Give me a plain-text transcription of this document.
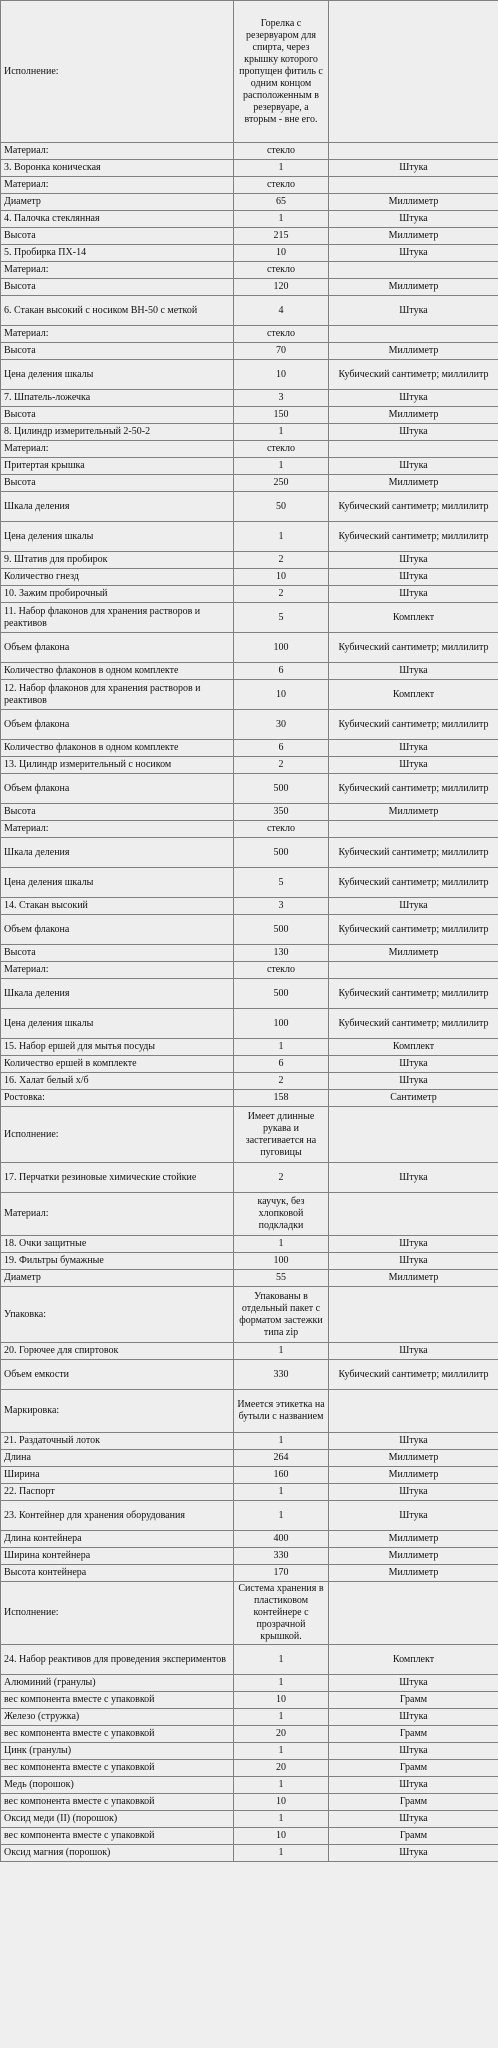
Исполнение:	Горелка с резервуаром для спирта, через крышку которого пропущен фитиль с одним концом расположенным в резервуаре, а вторым - вне его.	
Материал:	стекло	
3. Воронка коническая	1	Штука
Материал:	стекло	
Диаметр	65	Миллиметр
4. Палочка стеклянная	1	Штука
Высота	215	Миллиметр
5. Пробирка ПХ-14	10	Штука
Материал:	стекло	
Высота	120	Миллиметр
6. Стакан высокий с носиком ВН-50 с меткой	4	Штука
Материал:	стекло	
Высота	70	Миллиметр
Цена деления шкалы	10	Кубический сантиметр; миллилитр
7. Шпатель-ложечка	3	Штука
Высота	150	Миллиметр
8. Цилиндр измерительный 2-50-2	1	Штука
Материал:	стекло	
Притертая крышка	1	Штука
Высота	250	Миллиметр
Шкала деления	50	Кубический сантиметр; миллилитр
Цена деления шкалы	1	Кубический сантиметр; миллилитр
9. Штатив для пробирок	2	Штука
Количество гнезд	10	Штука
10. Зажим пробирочный	2	Штука
11. Набор флаконов для хранения растворов и реактивов	5	Комплект
Объем флакона	100	Кубический сантиметр; миллилитр
Количество флаконов в одном комплекте	6	Штука
12. Набор флаконов для хранения растворов и реактивов	10	Комплект
Объем флакона	30	Кубический сантиметр; миллилитр
Количество флаконов в одном комплекте	6	Штука
13. Цилиндр измерительный с носиком	2	Штука
Объем флакона	500	Кубический сантиметр; миллилитр
Высота	350	Миллиметр
Материал:	стекло	
Шкала деления	500	Кубический сантиметр; миллилитр
Цена деления шкалы	5	Кубический сантиметр; миллилитр
14. Стакан высокий	3	Штука
Объем флакона	500	Кубический сантиметр; миллилитр
Высота	130	Миллиметр
Материал:	стекло	
Шкала деления	500	Кубический сантиметр; миллилитр
Цена деления шкалы	100	Кубический сантиметр; миллилитр
15. Набор ершей для мытья посуды	1	Комплект
Количество ершей в комплекте	6	Штука
16. Халат белый х/б	2	Штука
Ростовка:	158	Сантиметр
Исполнение:	Имеет длинные рукава и застегивается на пуговицы	
17. Перчатки резиновые химические стойкие	2	Штука
Материал:	каучук, без хлопковой подкладки	
18. Очки защитные	1	Штука
19. Фильтры бумажные	100	Штука
Диаметр	55	Миллиметр
Упаковка:	Упакованы в отдельный пакет с форматом застежки типа zip	
20. Горючее для спиртовок	1	Штука
Объем емкости	330	Кубический сантиметр; миллилитр
Маркировка:	Имеется этикетка на бутыли с названием	
21. Раздаточный лоток	1	Штука
Длина	264	Миллиметр
Ширина	160	Миллиметр
22. Паспорт	1	Штука
23. Контейнер для хранения оборудования	1	Штука
Длина контейнера	400	Миллиметр
Ширина контейнера	330	Миллиметр
Высота контейнера	170	Миллиметр
Исполнение:	Система хранения в пластиковом контейнере с прозрачной крышкой.	
24. Набор реактивов для проведения экспериментов	1	Комплект
Алюминий (гранулы)	1	Штука
вес компонента вместе с упаковкой	10	Грамм
Железо (стружка)	1	Штука
вес компонента вместе с упаковкой	20	Грамм
Цинк (гранулы)	1	Штука
вес компонента вместе с упаковкой	20	Грамм
Медь (порошок)	1	Штука
вес компонента вместе с упаковкой	10	Грамм
Оксид меди (II) (порошок)	1	Штука
вес компонента вместе с упаковкой	10	Грамм
Оксид магния (порошок)	1	Штука
